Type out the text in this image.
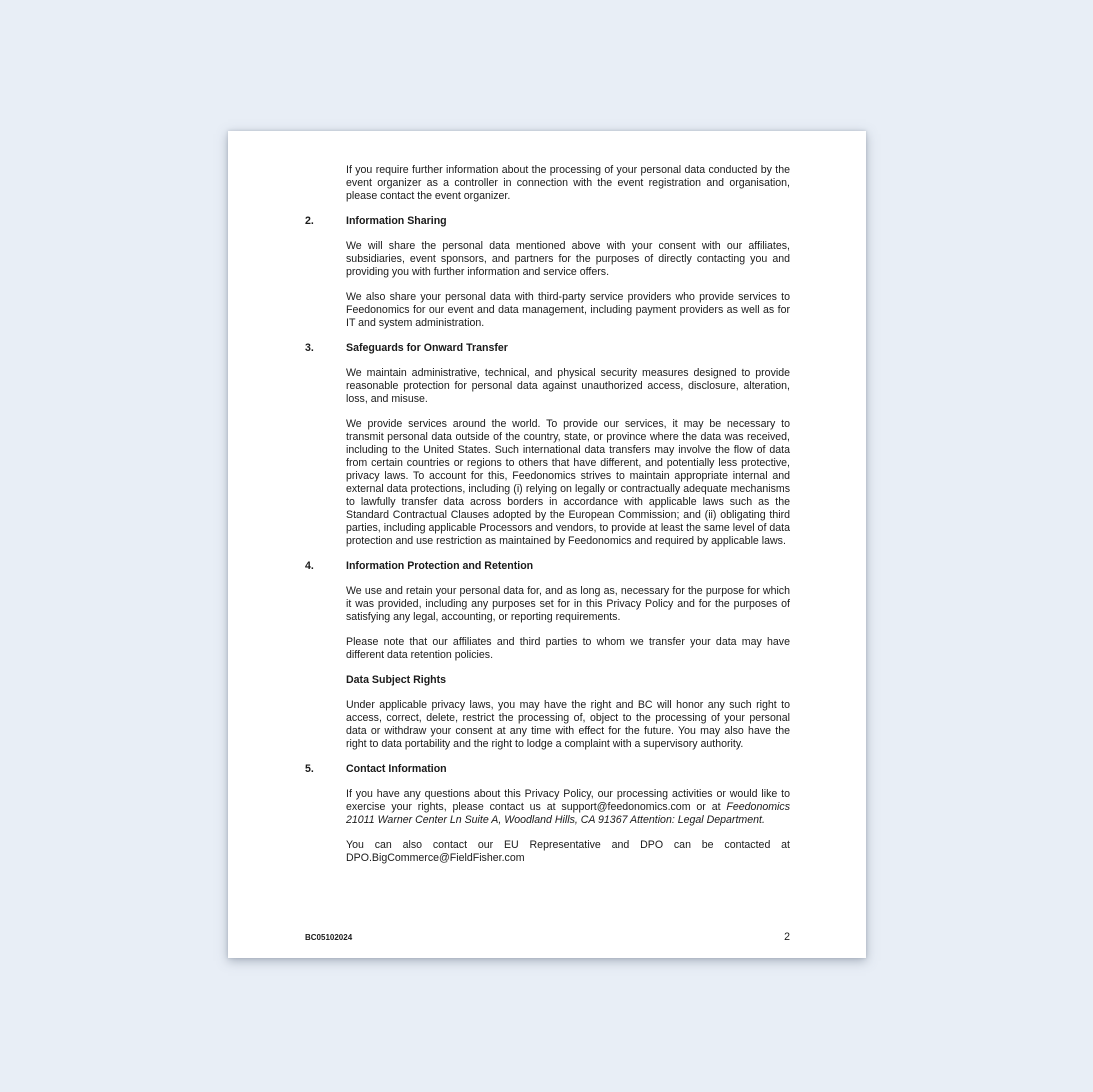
If you require further information about the processing of your personal data conducted by the event organizer as a controller in connection with the event registration and organisation, please contact the event organizer.

2.	Information Sharing

We will share the personal data mentioned above with your consent with our affiliates, subsidiaries, event sponsors, and partners for the purposes of directly contacting you and providing you with further information and service offers.

We also share your personal data with third-party service providers who provide services to Feedonomics for our event and data management, including payment providers as well as for IT and system administration.

3.	Safeguards for Onward Transfer

We maintain administrative, technical, and physical security measures designed to provide reasonable protection for personal data against unauthorized access, disclosure, alteration, loss, and misuse.

We provide services around the world. To provide our services, it may be necessary to transmit personal data outside of the country, state, or province where the data was received, including to the United States. Such international data transfers may involve the flow of data from certain countries or regions to others that have different, and potentially less protective, privacy laws. To account for this, Feedonomics strives to maintain appropriate internal and external data protections, including (i) relying on legally or contractually adequate mechanisms to lawfully transfer data across borders in accordance with applicable laws such as the Standard Contractual Clauses adopted by the European Commission; and (ii) obligating third parties, including applicable Processors and vendors, to provide at least the same level of data protection and use restriction as maintained by Feedonomics and required by applicable laws.

4.	Information Protection and Retention

We use and retain your personal data for, and as long as, necessary for the purpose for which it was provided, including any purposes set for in this Privacy Policy and for the purposes of satisfying any legal, accounting, or reporting requirements.

Please note that our affiliates and third parties to whom we transfer your data may have different data retention policies.

Data Subject Rights

Under applicable privacy laws, you may have the right and BC will honor any such right to access, correct, delete, restrict the processing of, object to the processing of your personal data or withdraw your consent at any time with effect for the future. You may also have the right to data portability and the right to lodge a complaint with a supervisory authority.

5.	Contact Information

If you have any questions about this Privacy Policy, our processing activities or would like to exercise your rights, please contact us at support@feedonomics.com or at Feedonomics 21011 Warner Center Ln Suite A, Woodland Hills, CA 91367 Attention: Legal Department.

You can also contact our EU Representative and DPO can be contacted at DPO.BigCommerce@FieldFisher.com

BC05102024	2
